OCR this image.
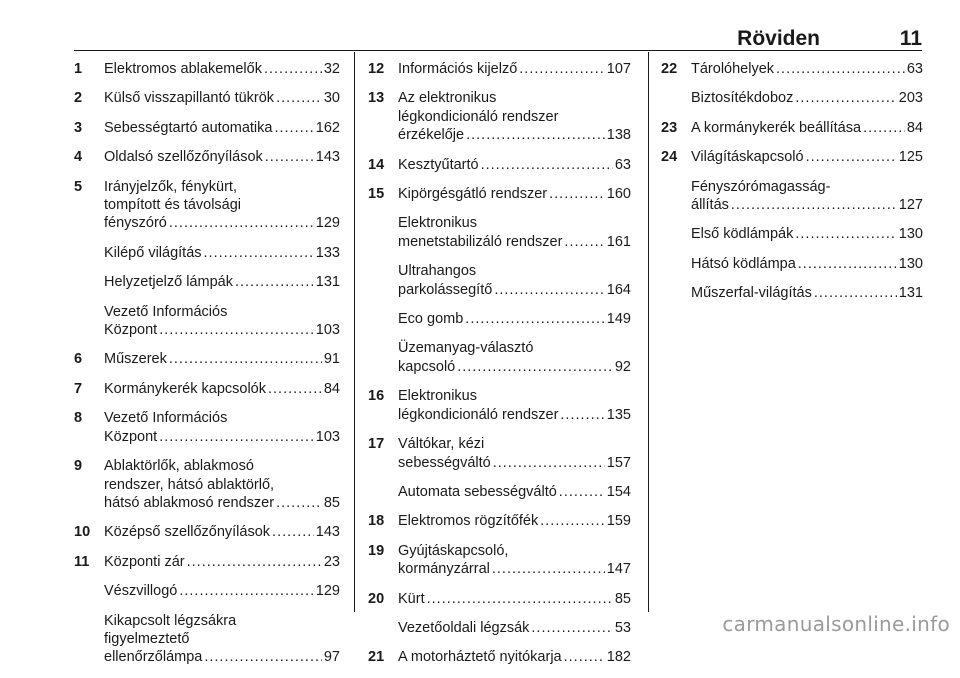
Röviden	11
1 Elektromos ablakemelők .....	32
2 Külső visszapillantó tükrök .....	30
3 Sebességtartó automatika .....	162
4 Oldalsó szellőzőnyílások .....	143
5 Irányjelzők, fénykürt,
tompított és távolsági
fényszóró .....	129
Kilépő világítás .....	133
Helyzetjelző lámpák .....	131
Vezető Információs
Központ .....	103
6 Műszerek .....	91
7 Kormánykerék kapcsolók .....	84
8 Vezető Információs
Központ .....	103
9 Ablaktörlők, ablakmosó
rendszer, hátsó ablaktörlő,
hátsó ablakmosó rendszer .....	85
10 Középső szellőzőnyílások .....	143
11 Központi zár .....	23
Vészvillogó .....	129
Kikapcsolt légzsákra
figyelmeztető
ellenőrzőlámpa .....	97
12 Információs kijelző .....	107
13 Az elektronikus
légkondicionáló rendszer
érzékelője .....	138
14 Kesztyűtartó .....	63
15 Kipörgésgátló rendszer .....	160
Elektronikus
menetstabilizáló rendszer .....	161
Ultrahangos
parkolássegítő .....	164
Eco gomb .....	149
Üzemanyag-választó
kapcsoló .....	92
16 Elektronikus
légkondicionáló rendszer .....	135
17 Váltókar, kézi
sebességváltó .....	157
Automata sebességváltó .....	154
18 Elektromos rögzítőfék .....	159
19 Gyújtáskapcsoló,
kormányzárral .....	147
20 Kürt .....	85
Vezetőoldali légzsák .....	53
21 A motorháztető nyitókarja .....	182
22 Tárolóhelyek .....	63
Biztosítékdoboz .....	203
23 A kormánykerék beállítása .....	84
24 Világításkapcsoló .....	125
Fényszórómagasság-
állítás .....	127
Első ködlámpák .....	130
Hátsó ködlámpa .....	130
Műszerfal-világítás .....	131
carmanualsonline.info
